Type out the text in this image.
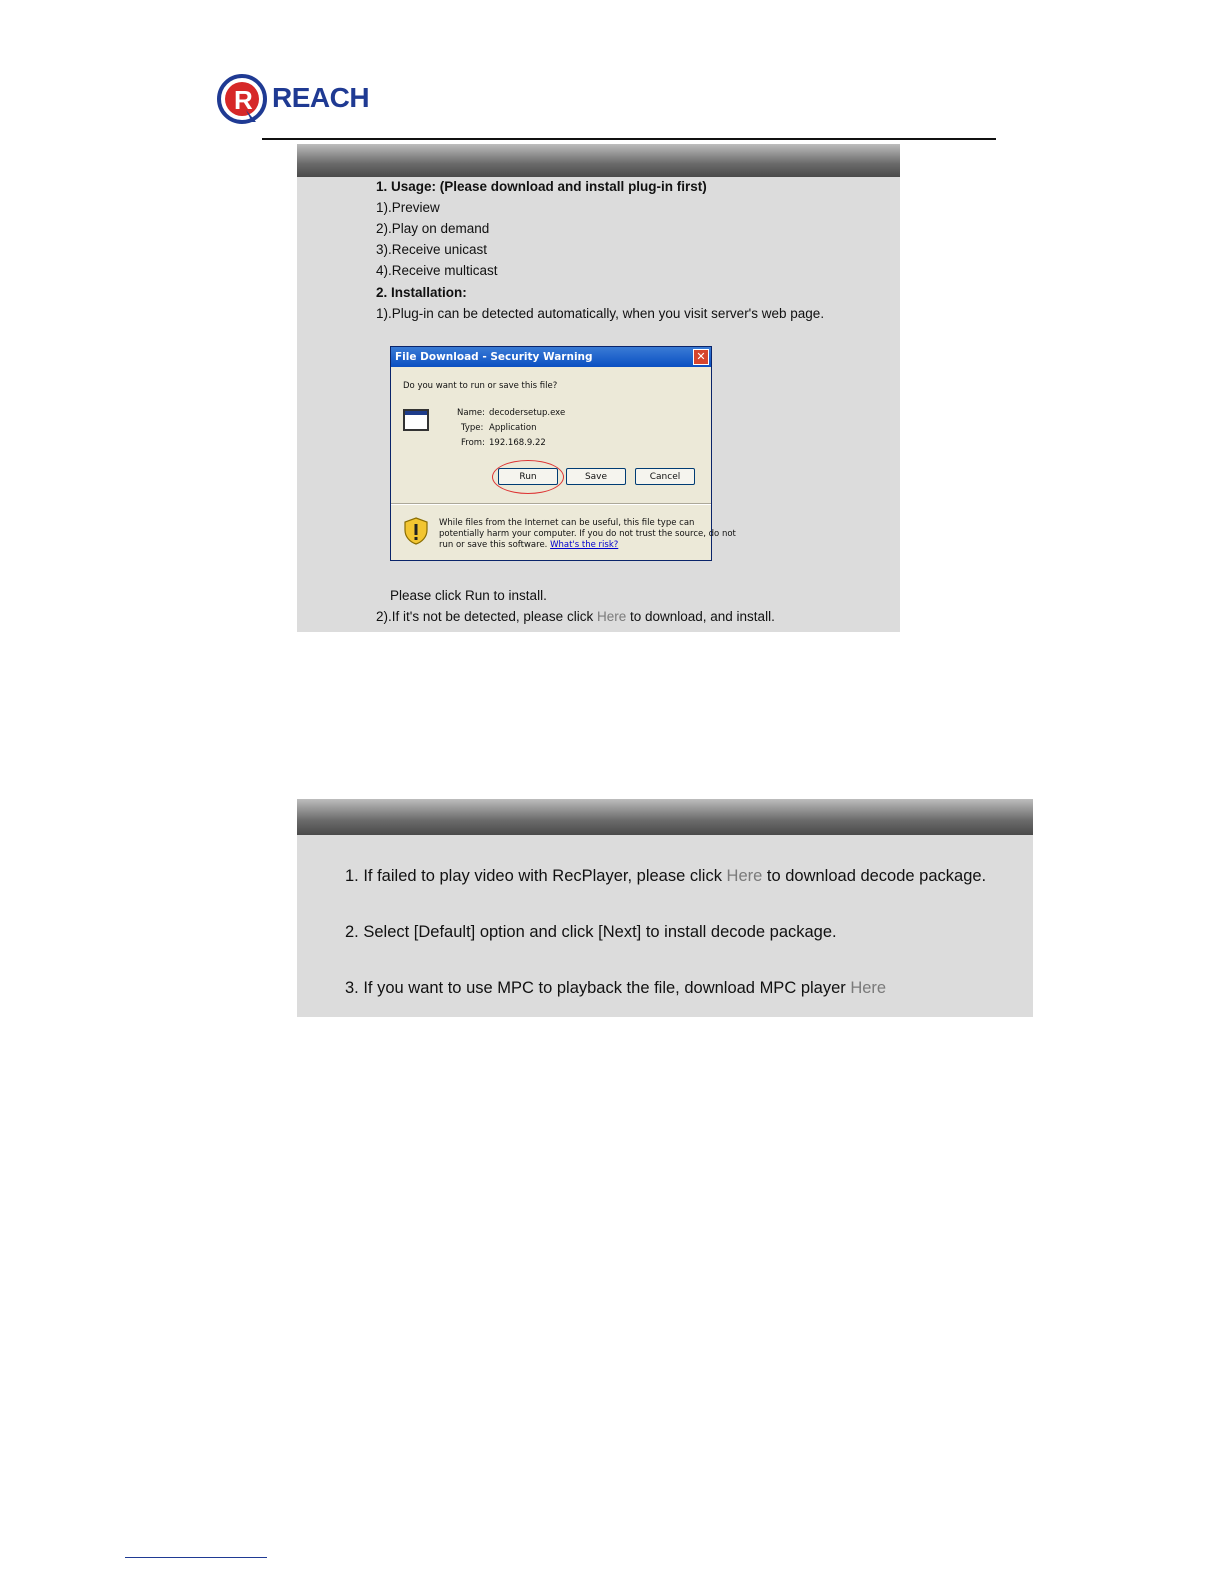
R REACH
1. Usage: (Please download and install plug-in first)
1).Preview
2).Play on demand
3).Receive unicast
4).Receive multicast
2. Installation:
1).Plug-in can be detected automatically, when you visit server's web page.
File Download - Security Warning	✕
Do you want to run or save this file?
Name: decodersetup.exe
Type: Application
From: 192.168.9.22
Run	Save	Cancel
While files from the Internet can be useful, this file type can
potentially harm your computer. If you do not trust the source, do not
run or save this software. What's the risk?
Please click Run to install.
2).If it's not be detected, please click Here to download, and install.
1. If failed to play video with RecPlayer, please click Here to download decode package.
2. Select [Default] option and click [Next] to install decode package.
3. If you want to use MPC to playback the file, download MPC player Here
